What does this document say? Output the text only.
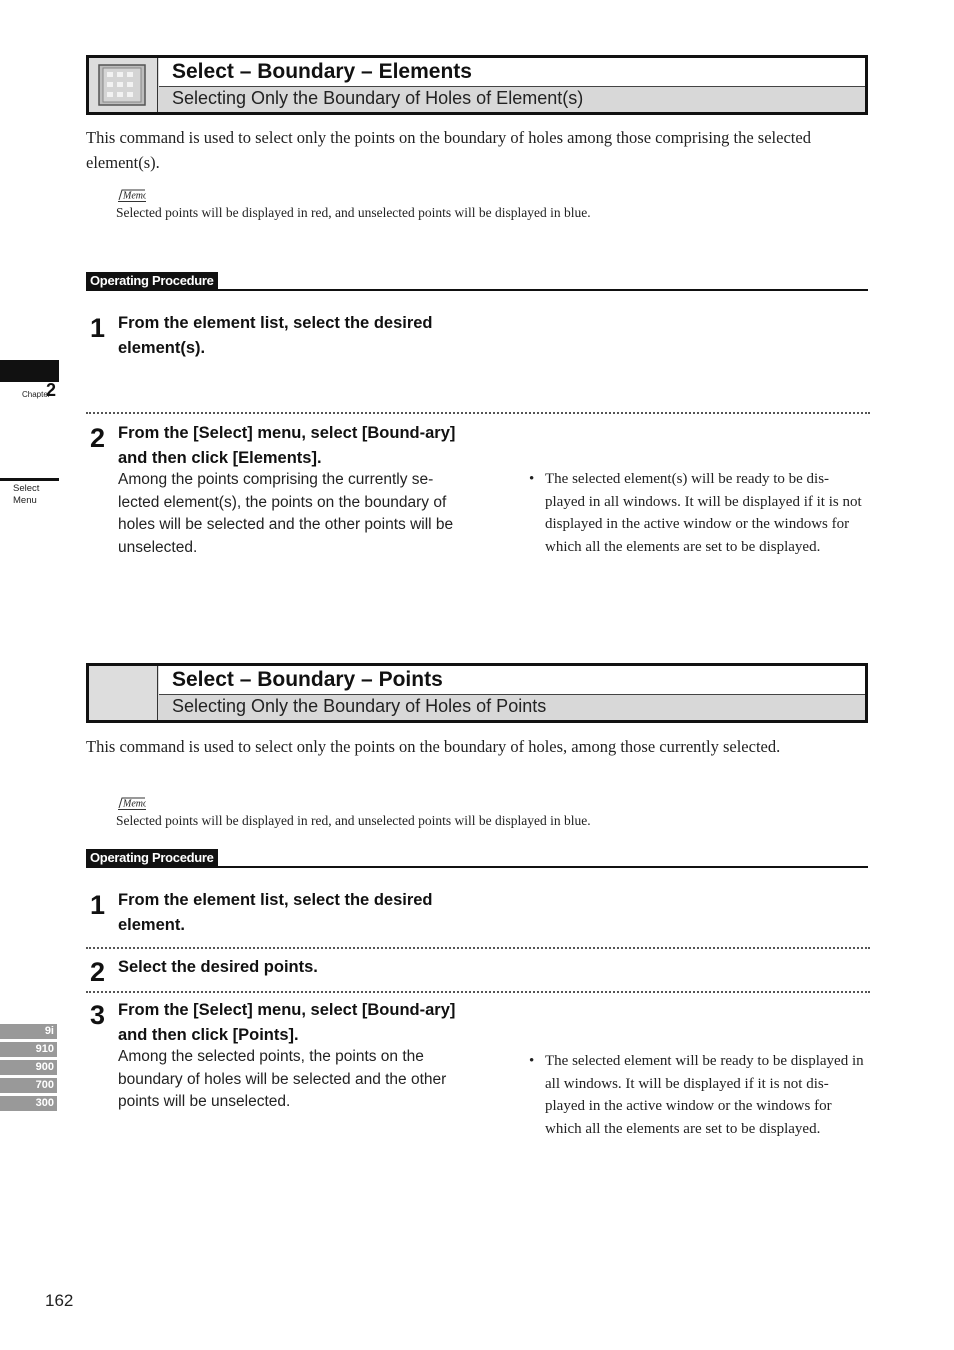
Chapter
2
Select
Menu
9i
910
900
700
300
Select – Boundary – Elements
Selecting Only the Boundary of Holes of Element(s)
This command is used to select only the points on the boundary of holes among those comprising the selected element(s).
Memo
Selected points will be displayed in red, and unselected points will be displayed in blue.
Operating Procedure
1 From the element list, select the desired element(s).
2 From the [Select] menu, select [Bound-ary] and then click [Elements].
Among the points comprising the currently se-lected element(s), the points on the boundary of holes will be selected and the other points will be unselected.
• The selected element(s) will be ready to be dis-played in all windows. It will be displayed if it is not displayed in the active window or the windows for which all the elements are set to be displayed.
Select – Boundary – Points
Selecting Only the Boundary of Holes of Points
This command is used to select only the points on the boundary of holes, among those currently selected.
Memo
Selected points will be displayed in red, and unselected points will be displayed in blue.
Operating Procedure
1 From the element list, select the desired element.
2 Select the desired points.
3 From the [Select] menu, select [Bound-ary] and then click [Points].
Among the selected points, the points on the boundary of holes will be selected and the other points will be unselected.
• The selected element will be ready to be displayed in all windows. It will be displayed if it is not dis-played in the active window or the windows for which all the elements are set to be displayed.
162
